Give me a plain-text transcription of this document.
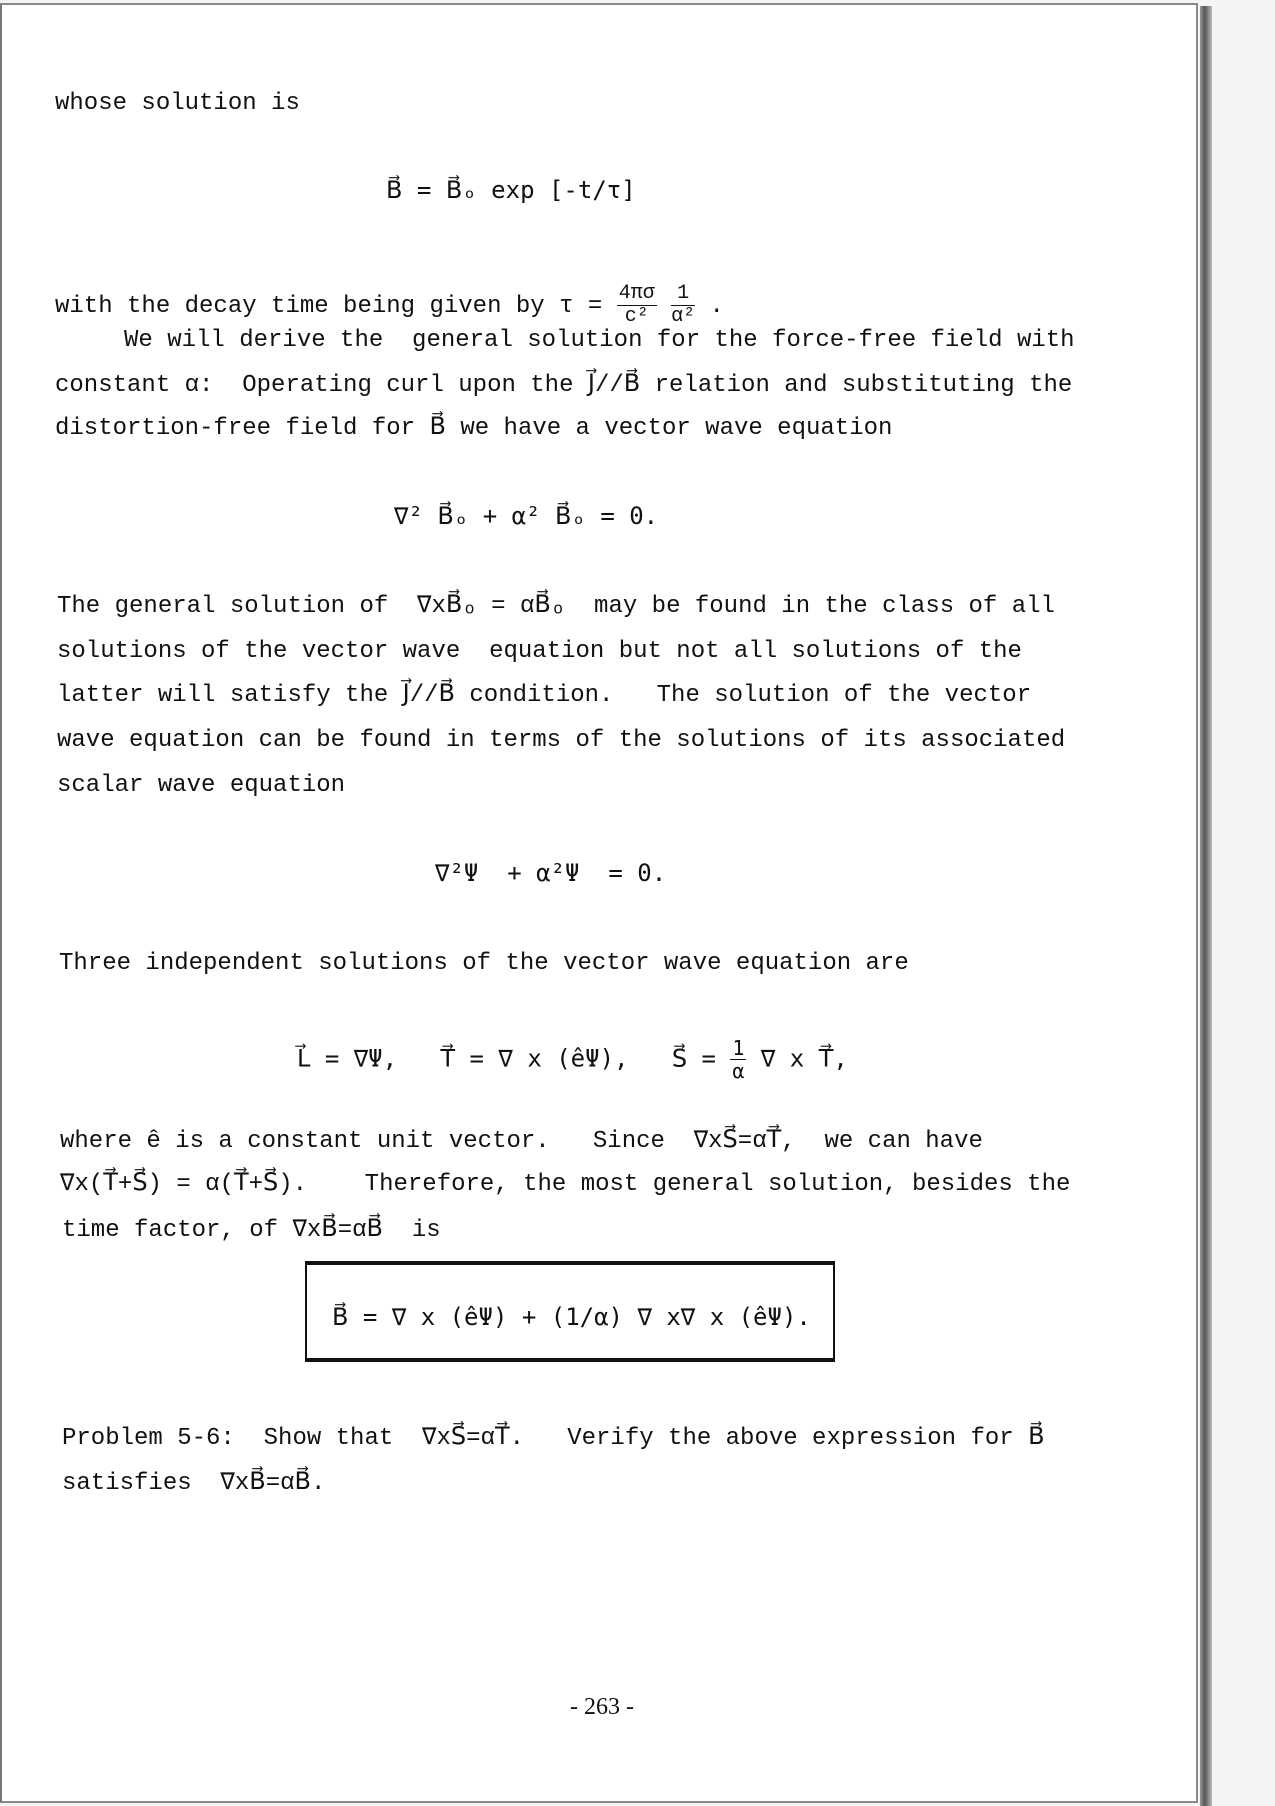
whose solution is
B⃗ = B⃗ₒ exp [-t/τ]
with the decay time being given by $\tau = \frac{4\pi\sigma}{\text{c²}}$
$\frac{1}{\text{α²}}$ .
We will derive the  general solution for the force-free field with
constant α:  Operating curl upon the J⃗//B⃗ relation and substituting the
distortion-free field for B⃗ we have a vector wave equation
∇² B⃗ₒ + α² B⃗ₒ = 0.
The general solution of  ∇xB⃗ₒ = αB⃗ₒ  may be found in the class of all
solutions of the vector wave  equation but not all solutions of the
latter will satisfy the J⃗//B⃗ condition.   The solution of the vector
wave equation can be found in terms of the solutions of its associated
scalar wave equation
∇²Ψ  + α²Ψ  = 0.
Three independent solutions of the vector wave equation are
L⃗ = ∇Ψ,   T⃗ = ∇ x (êΨ),   S⃗ = $\frac{1}{\alpha}$ ∇ x T⃗,
where ê is a constant unit vector.   Since  ∇xS⃗=αT⃗,  we can have
∇x(T⃗+S⃗) = α(T⃗+S⃗).    Therefore, the most general solution, besides the
time factor, of ∇xB⃗=αB⃗  is
B⃗ = ∇ x (êΨ) + (1/α) ∇ x∇ x (êΨ).
Problem 5-6:  Show that  ∇xS⃗=αT⃗.   Verify the above expression for B⃗
satisfies  ∇xB⃗=αB⃗.
- 263 -
